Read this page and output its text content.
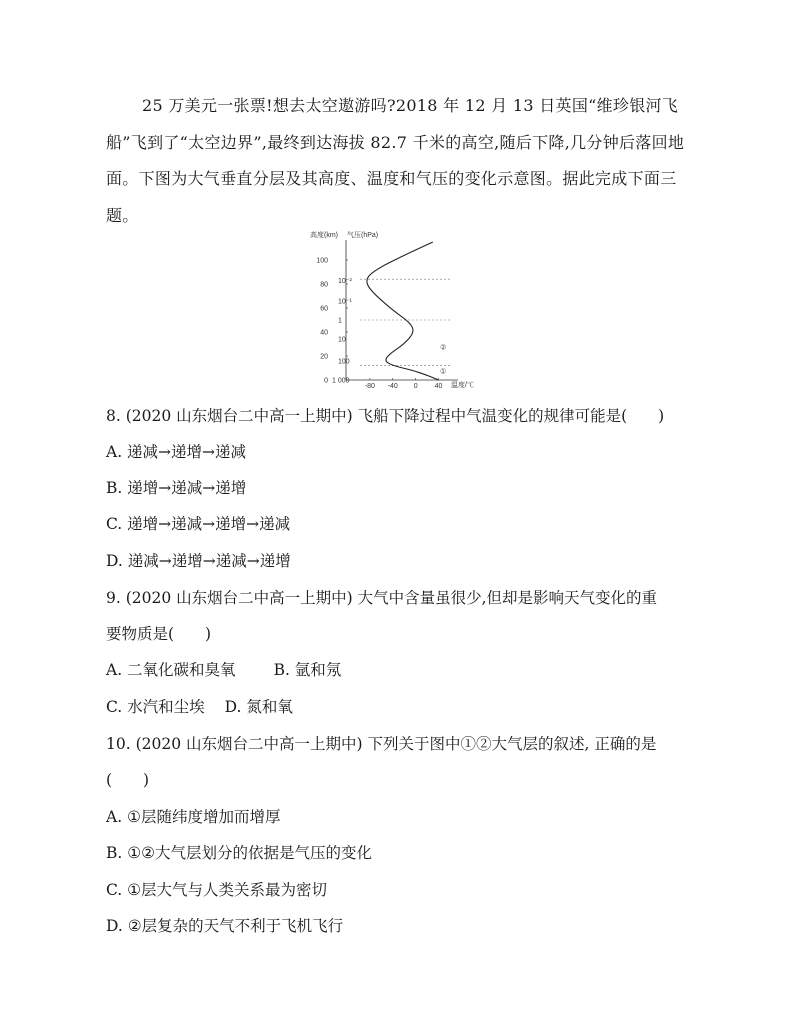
25 万美元一张票!想去太空遨游吗?2018 年 12 月 13 日英国“维珍银河飞船”飞到了“太空边界”,最终到达海拔 82.7 千米的高空,随后下降,几分钟后落回地面。下图为大气垂直分层及其高度、温度和气压的变化示意图。据此完成下面三题。

高度(km) 气压(hPa)
温度/℃
0
20
40
60
80
100
1 000
100
10
1
10⁻¹
10⁻²
-80 -40 0 40
①
②

8. (2020 山东烟台二中高一上期中) 飞船下降过程中气温变化的规律可能是(　　)

A. 递减→递增→递减

B. 递增→递减→递增

C. 递增→递减→递增→递减

D. 递减→递增→递减→递增

9. (2020 山东烟台二中高一上期中) 大气中含量虽很少,但却是影响天气变化的重

要物质是(　　)

A. 二氧化碳和臭氧 B. 氩和氖

C. 水汽和尘埃 D. 氮和氧

10. (2020 山东烟台二中高一上期中) 下列关于图中①②大气层的叙述, 正确的是

(　　)

A. ①层随纬度增加而增厚

B. ①②大气层划分的依据是气压的变化

C. ①层大气与人类关系最为密切

D. ②层复杂的天气不利于飞机飞行
